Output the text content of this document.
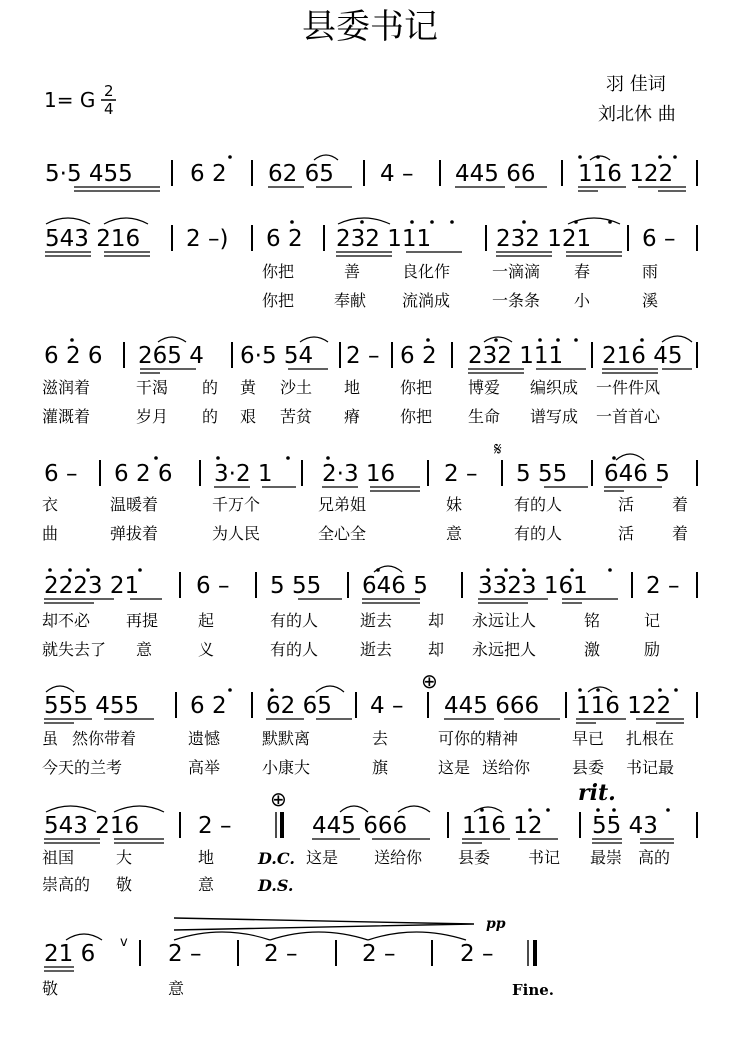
县委书记
1= G 2
4
羽 佳词
刘北休 曲
5·5 455 6 2 62 65 4 – 445 66 116 122
543 216 2 –) 6 2 232 111	232 121 6 –
你把	善	良化作	一滴滴 春	雨
你把 奉献 流淌成	一条条 小	溪
6 2 6 265 4 6·5 54 2 – 6 2 232 111 216 45
滋润着	干渴 的 黄 沙土 地 你把 博爱 编织成 一件件风
灌溉着	岁月 的 艰 苦贫 瘠 你把 生命 谱写成 一首首心
𝄋
6 – 6 2 6 3·2 1 2·3 16 2 – 5 55 646 5
衣	温暖着	千万个	兄弟姐	妹	有的人	活 着
曲	弹拔着	为人民	全心全	意	有的人	活 着
2223 21 6 – 5 55 646 5 3323 161	2 –
却不必 再提 起	有的人	逝去 却 永远让人	铭	记
就失去了 意	义	有的人	逝去 却 永远把人	激	励
⊕
555 455 6 2 62 65 4 – 445 666 116 122
虽 然你带着	遗憾	默默离	去	可你的精神	早已 扎根在
今天的兰考	高举	小康大	旗	这是 送给你	县委 书记最
⊕	rit.
543 216	2 –	445 666 116 12 55 43
祖国	大	地	D.C. 这是 送给你 县委 书记 最崇 高的
崇高的 敬	意	D.S.
pp
21 6 v 2 –	2 –	2 –	2 –
敬	意	Fine.
